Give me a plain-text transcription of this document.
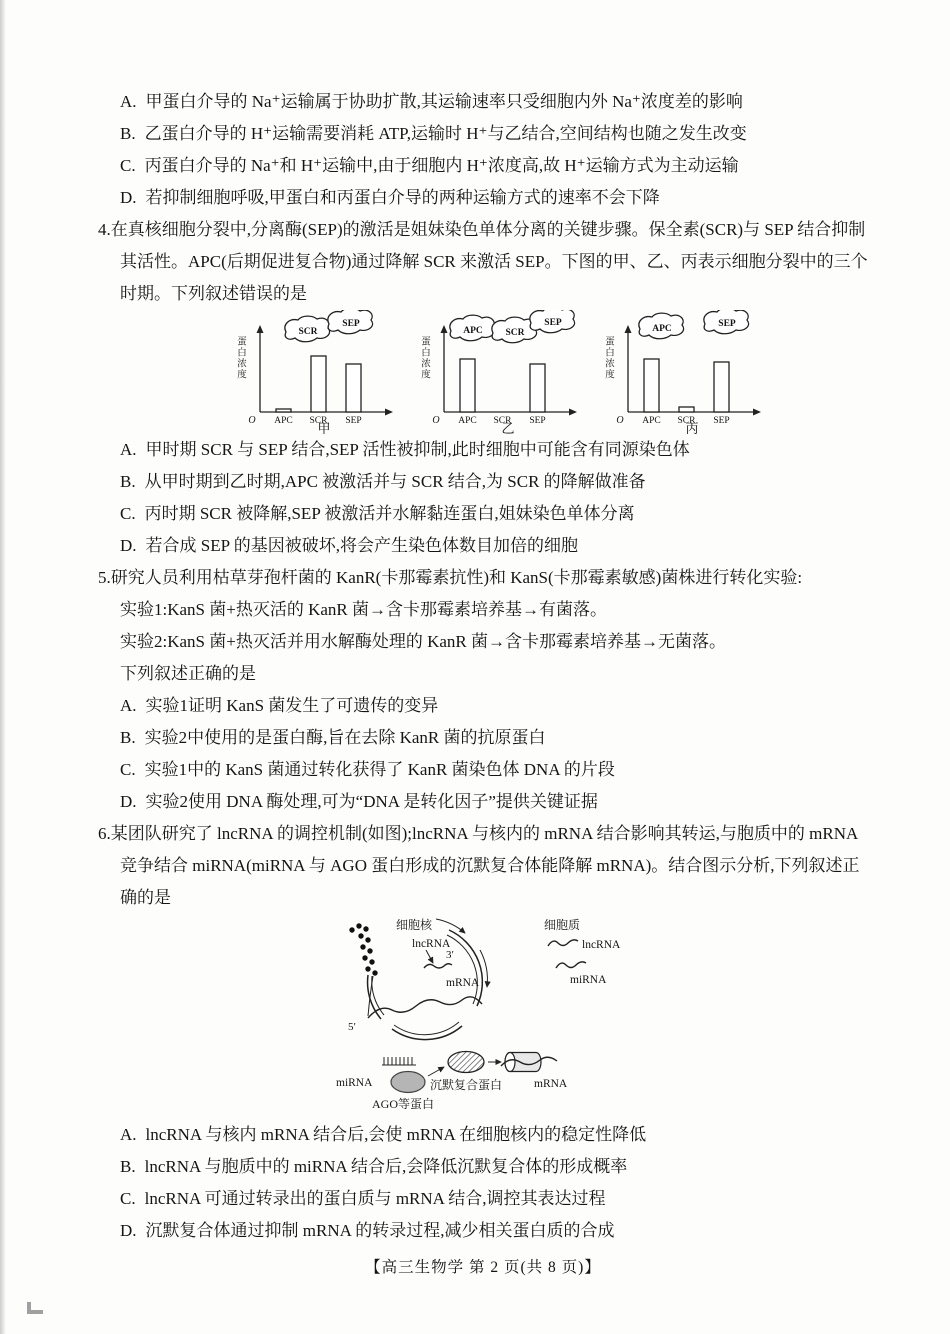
A. 甲蛋白介导的 Na⁺运输属于协助扩散,其运输速率只受细胞内外 Na⁺浓度差的影响
B. 乙蛋白介导的 H⁺运输需要消耗 ATP,运输时 H⁺与乙结合,空间结构也随之发生改变
C. 丙蛋白介导的 Na⁺和 H⁺运输中,由于细胞内 H⁺浓度高,故 H⁺运输方式为主动运输
D. 若抑制细胞呼吸,甲蛋白和丙蛋白介导的两种运输方式的速率不会下降

4.在真核细胞分裂中,分离酶(SEP)的激活是姐妹染色单体分离的关键步骤。保全素(SCR)与 SEP 结合抑制其活性。APC(后期促进复合物)通过降解 SCR 来激活 SEP。下图的甲、乙、丙表示细胞分裂中的三个时期。下列叙述错误的是

蛋白浓度
SCR
SEP
O APC SCR SEP
甲
蛋白浓度
APC SCR
SEP
O APC SCR SEP
乙
蛋白浓度
APC	SEP
O APC SCR SEP
丙
A. 甲时期 SCR 与 SEP 结合,SEP 活性被抑制,此时细胞中可能含有同源染色体
B. 从甲时期到乙时期,APC 被激活并与 SCR 结合,为 SCR 的降解做准备
C. 丙时期 SCR 被降解,SEP 被激活并水解黏连蛋白,姐妹染色单体分离
D. 若合成 SEP 的基因被破坏,将会产生染色体数目加倍的细胞

5.研究人员利用枯草芽孢杆菌的 KanR(卡那霉素抗性)和 KanS(卡那霉素敏感)菌株进行转化实验:

实验1:KanS 菌+热灭活的 KanR 菌→含卡那霉素培养基→有菌落。
实验2:KanS 菌+热灭活并用水解酶处理的 KanR 菌→含卡那霉素培养基→无菌落。
下列叙述正确的是
A. 实验1证明 KanS 菌发生了可遗传的变异
B. 实验2中使用的是蛋白酶,旨在去除 KanR 菌的抗原蛋白
C. 实验1中的 KanS 菌通过转化获得了 KanR 菌染色体 DNA 的片段
D. 实验2使用 DNA 酶处理,可为“DNA 是转化因子”提供关键证据

6.某团队研究了 lncRNA 的调控机制(如图);lncRNA 与核内的 mRNA 结合影响其转运,与胞质中的 mRNA 竞争结合 miRNA(miRNA 与 AGO 蛋白形成的沉默复合体能降解 mRNA)。结合图示分析,下列叙述正确的是

细胞核	细胞质
lncRNA
miRNA
lncRNA
3′
mRNA
5′
miRNA
AGO等蛋白
沉默复合蛋白	mRNA
A. lncRNA 与核内 mRNA 结合后,会使 mRNA 在细胞核内的稳定性降低
B. lncRNA 与胞质中的 miRNA 结合后,会降低沉默复合体的形成概率
C. lncRNA 可通过转录出的蛋白质与 mRNA 结合,调控其表达过程
D. 沉默复合体通过抑制 mRNA 的转录过程,减少相关蛋白质的合成
【高三生物学 第 2 页(共 8 页)】
